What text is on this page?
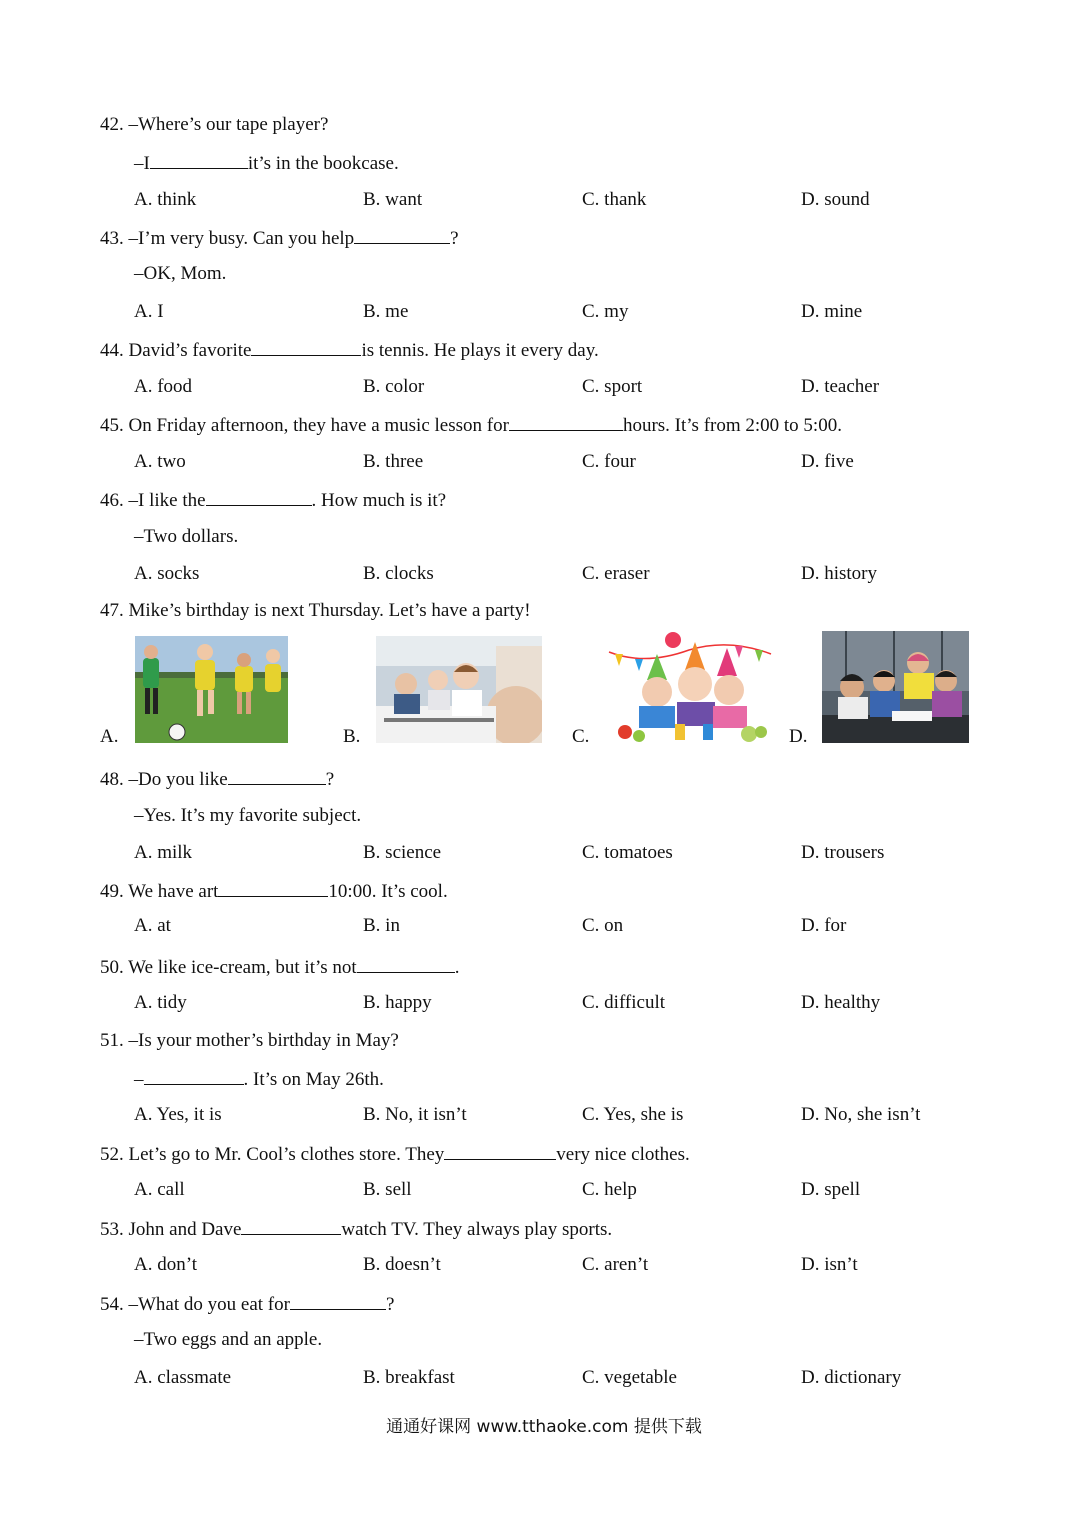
42. –Where’s our tape player?
–I	it’s in the bookcase.
A. think	B. want	C. thank	D. sound
43. –I’m very busy. Can you help	?
–OK, Mom.
A. I	B. me	C. my	D. mine
44. David’s favorite	is tennis. He plays it every day.
A. food	B. color	C. sport	D. teacher
45. On Friday afternoon, they have a music lesson for	hours. It’s from 2:00 to 5:00.
A. two	B. three	C. four	D. five
46. –I like the	. How much is it?
–Two dollars.
A. socks	B. clocks	C. eraser	D. history
47. Mike’s birthday is next Thursday. Let’s have a party!
A.	B.	C.	D.
48. –Do you like	?
–Yes. It’s my favorite subject.
A. milk	B. science	C. tomatoes	D. trousers
49. We have art	10:00. It’s cool.
A. at	B. in	C. on	D. for
50. We like ice-cream, but it’s not	.
A. tidy	B. happy	C. difficult	D. healthy
51. –Is your mother’s birthday in May?
–	. It’s on May 26th.
A. Yes, it is	B. No, it isn’t	C. Yes, she is	D. No, she isn’t
52. Let’s go to Mr. Cool’s clothes store. They	very nice clothes.
A. call	B. sell	C. help	D. spell
53. John and Dave	watch TV. They always play sports.
A. don’t	B. doesn’t	C. aren’t	D. isn’t
54. –What do you eat for	?
–Two eggs and an apple.
A. classmate	B. breakfast	C. vegetable	D. dictionary
通通好课网 www.tthaoke.com 提供下载
